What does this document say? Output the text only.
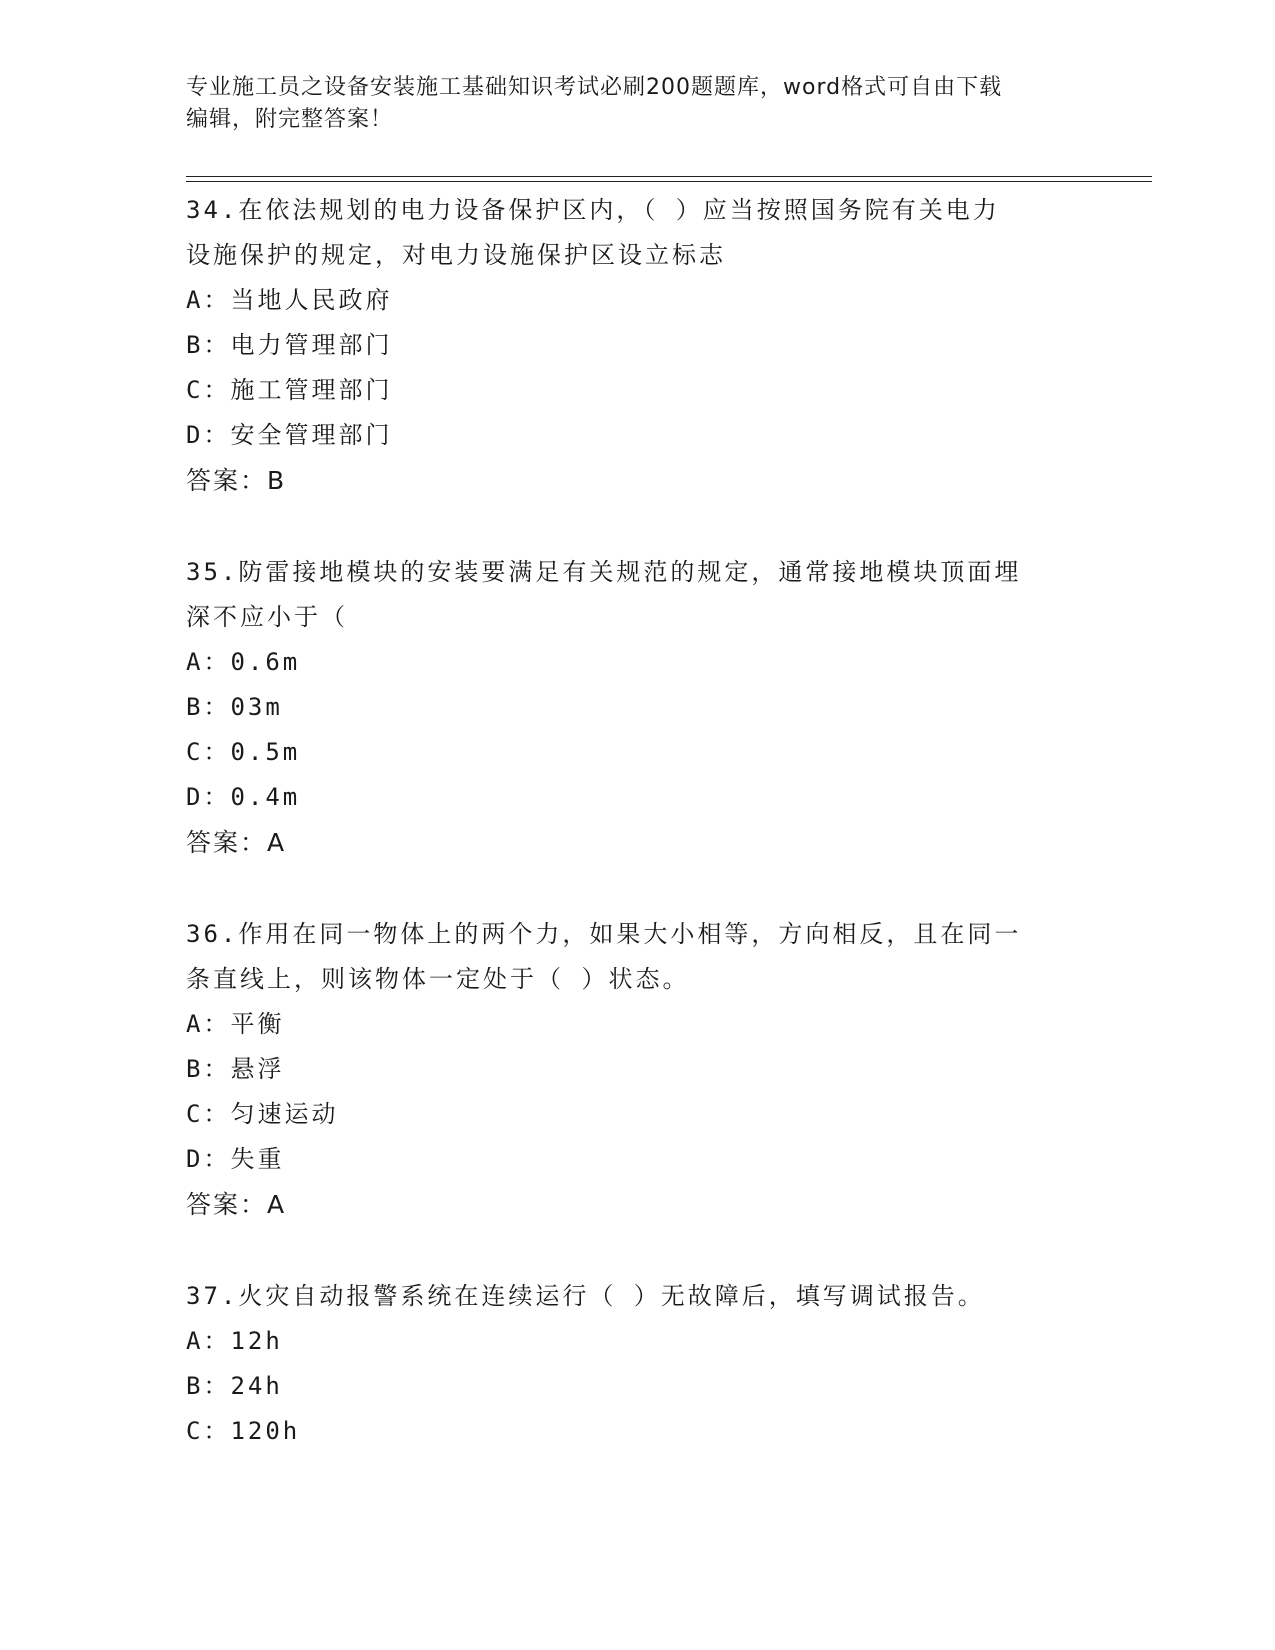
专业施工员之设备安装施工基础知识考试必刷200题题库，word格式可自由下载
编辑，附完整答案！
34.在依法规划的电力设备保护区内，（ ）应当按照国务院有关电力
设施保护的规定，对电力设施保护区设立标志
A：当地人民政府
B：电力管理部门
C：施工管理部门
D：安全管理部门
答案：B
35.防雷接地模块的安装要满足有关规范的规定，通常接地模块顶面埋
深不应小于（
A：0.6m
B：03m
C：0.5m
D：0.4m
答案：A
36.作用在同一物体上的两个力，如果大小相等，方向相反，且在同一
条直线上，则该物体一定处于（ ）状态。
A：平衡
B：悬浮
C：匀速运动
D：失重
答案：A
37.火灾自动报警系统在连续运行（ ）无故障后，填写调试报告。
A：12h
B：24h
C：120h
